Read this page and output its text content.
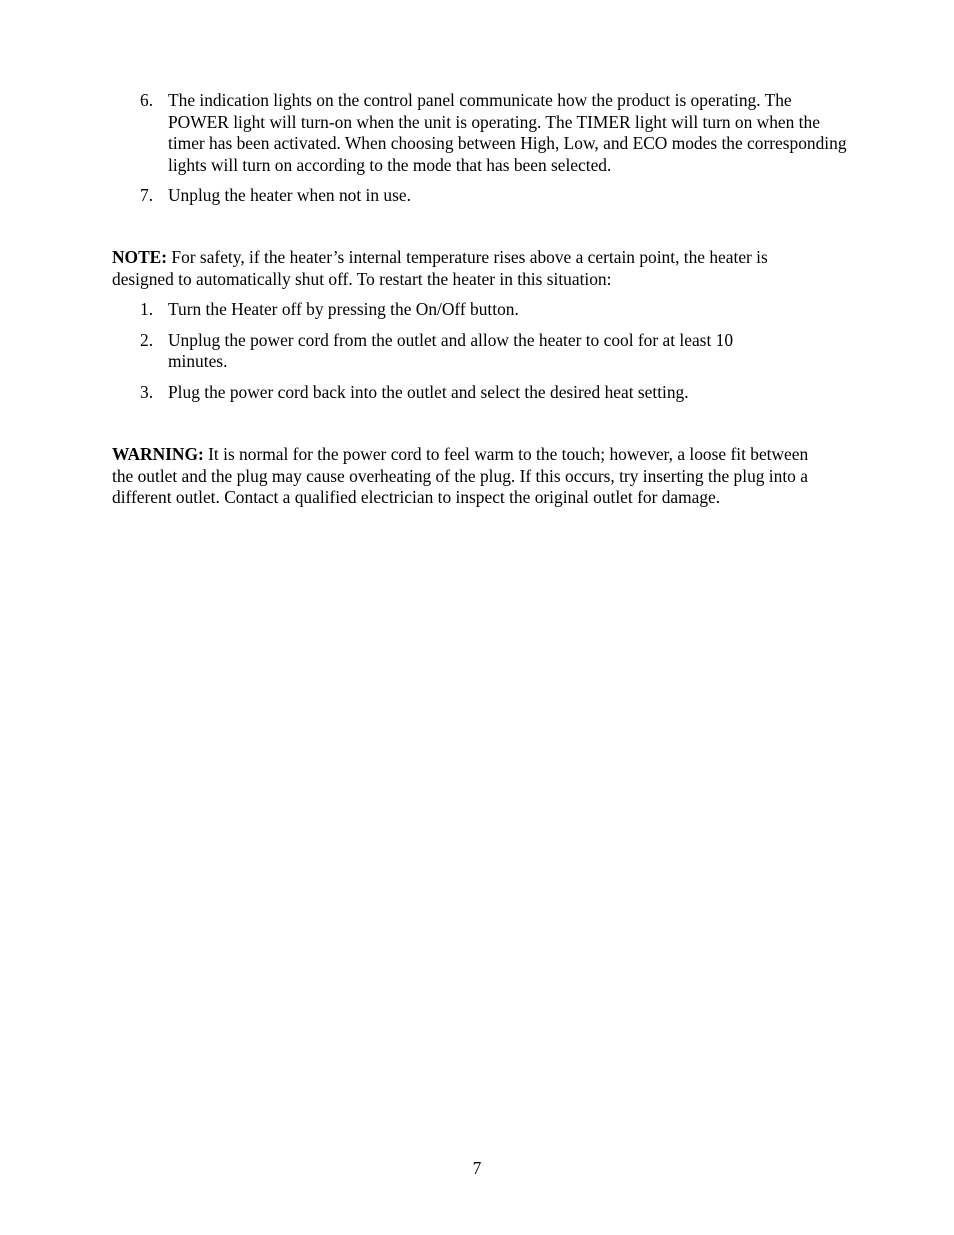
6. The indication lights on the control panel communicate how the product is operating. The POWER light will turn-on when the unit is operating. The TIMER light will turn on when the timer has been activated. When choosing between High, Low, and ECO modes the corresponding lights will turn on according to the mode that has been selected.
7. Unplug the heater when not in use.

NOTE: For safety, if the heater’s internal temperature rises above a certain point, the heater is designed to automatically shut off. To restart the heater in this situation:

1. Turn the Heater off by pressing the On/Off button.
2. Unplug the power cord from the outlet and allow the heater to cool for at least 10 minutes.
3. Plug the power cord back into the outlet and select the desired heat setting.

WARNING: It is normal for the power cord to feel warm to the touch; however, a loose fit between the outlet and the plug may cause overheating of the plug. If this occurs, try inserting the plug into a different outlet. Contact a qualified electrician to inspect the original outlet for damage.

7
